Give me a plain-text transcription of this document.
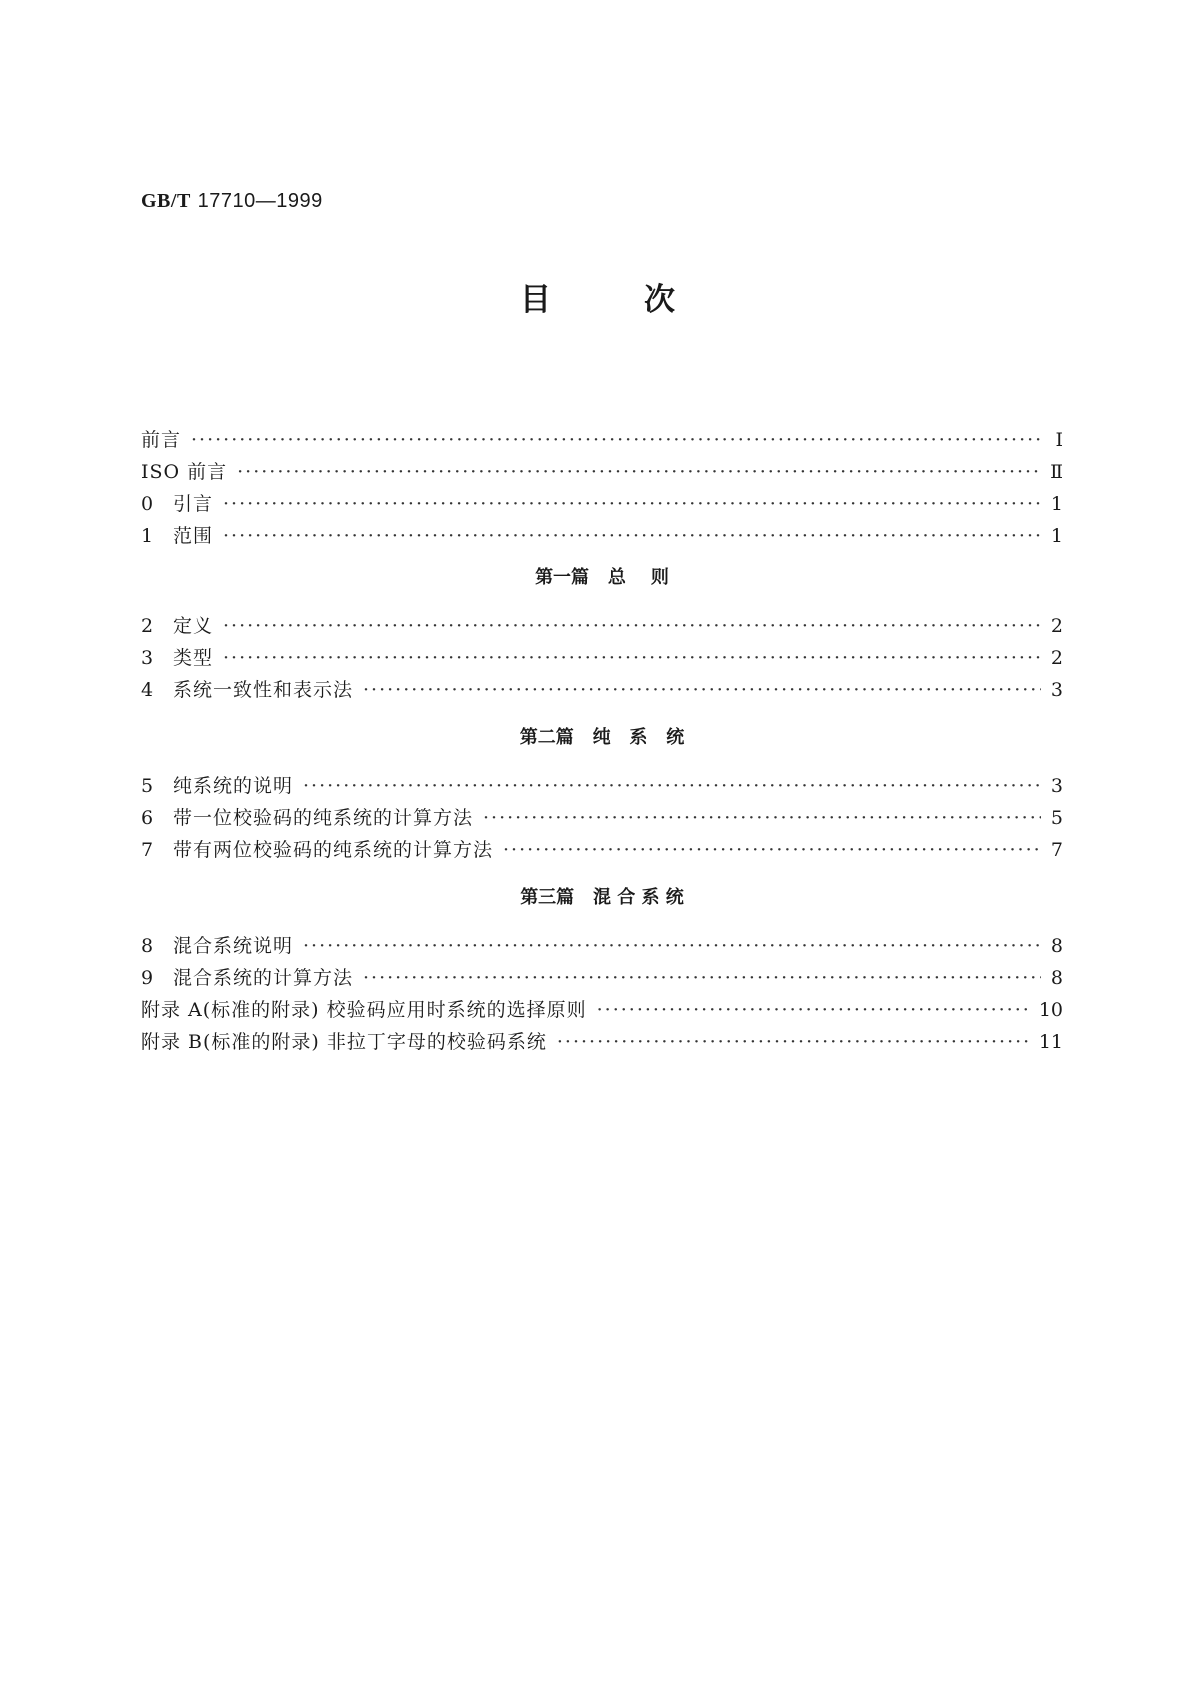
GB/T 17710—1999
目	次
前言 ·····	Ⅰ
ISO 前言 ·····	Ⅱ
0	引言 ·····	1
1	范围 ·····	1
第一篇   总    则
2	定义 ·····	2
3	类型 ·····	2
4	系统一致性和表示法 ·····	3
第二篇   纯   系   统
5	纯系统的说明 ·····	3
6	带一位校验码的纯系统的计算方法 ·····	5
7	带有两位校验码的纯系统的计算方法 ·····	7
第三篇   混 合 系 统
8	混合系统说明 ·····	8
9	混合系统的计算方法 ·····	8
附录 A(标准的附录) 校验码应用时系统的选择原则 ·····	10
附录 B(标准的附录) 非拉丁字母的校验码系统 ·····	11
